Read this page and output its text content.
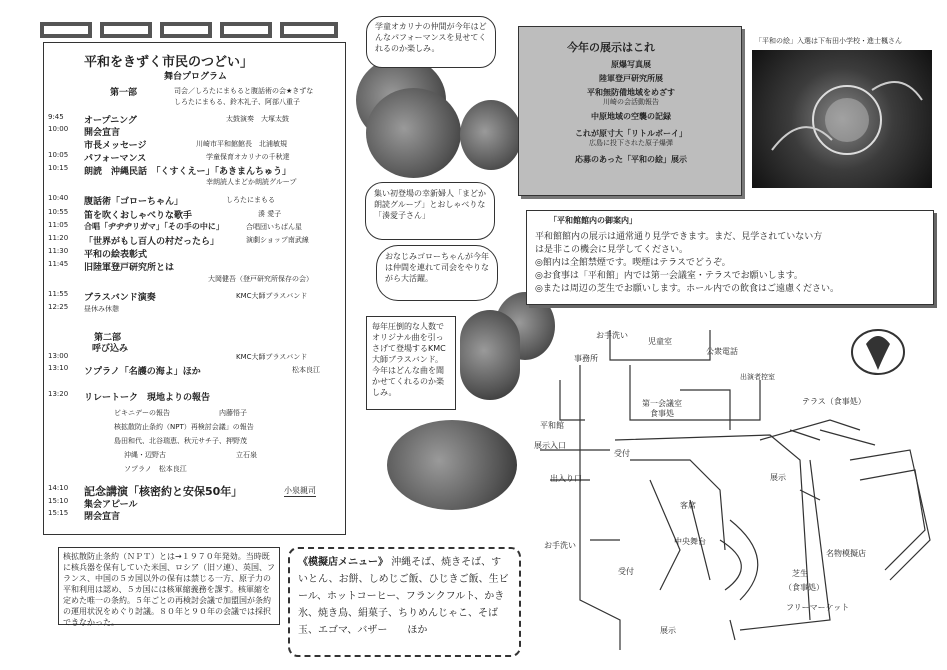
平和をきずく市民のつどい」
舞台プログラム
第一部	司会／しろたにまもると腹話術の会★きずな
しろたにまもる、鈴木礼子、阿部八重子
9:45 オープニング	太鼓演奏　大塚太鼓
10:00 開会宣言
市長メッセージ	川崎市平和館館長　北浦敏規
10:05 パフォーマンス	学童保育オカリナの千秋達
10:15 朗読　沖縄民話　「くすくえー」「あきまんちゅう」
幸朗読人まどか朗読グループ
10:40 腹話術「ゴローちゃん」	しろたにまもる
10:55 笛を吹くおしゃべりな歌手	湊 愛子
11:05 合唱「ヂヂヂリガマ」「その手の中に」	合唱団いちばん星
11:20 「世界がもし百人の村だったら」	演劇ショップ南武線
11:30 平和の絵表彰式
11:45 旧陸軍登戸研究所とは
大岡健吾（登戸研究所保存の会）
11:55 ブラスバンド演奏	KMC大師ブラスバンド
12:25 昼休み休憩
第二部
呼び込み
13:00	KMC大師ブラスバンド
13:10 ソプラノ「名護の海よ」ほか	松本良江
13:20 リレートーク　現地よりの報告
ビキニデーの報告　　　　　　　内藤悟子
核拡散防止条約（NPT）再検討会議」の報告
島田和代、北谷瑞恵、秋元サチ子、押野茂
沖縄・辺野古　　　　　　　　　　立石泉
ソプラノ　松本良江
14:10 記念講演「核密約と安保50年」	小泉親司
15:10 集会アピール
15:15 閉会宣言
核拡散防止条約（ＮＰＴ）とは→１９７０年発効。当時既に核兵器を保有していた米国、ロシア（旧ソ連）、英国、フランス、中国の５カ国以外の保有は禁じる一方、原子力の平和利用は認め、５カ国には核軍縮義務を課す。核軍縮を定めた唯一の条約。５年ごとの再検討会議で加盟国が条約の運用状況をめぐり討議。８０年と９０年の会議では採択できなかった。
学童オカリナの仲間が今年はどんなパフォーマンスを見せてくれるのか楽しみ。
集い初登場の幸新婦人「まどか朗読グループ」とおしゃべりな「湊愛子さん」
おなじみゴローちゃんが今年は仲間を連れて司会をやりながら大活躍。
毎年圧倒的な人数でオリジナル曲を引っさげて登場するKMC大師ブラスバンド。今年はどんな曲を聞かせてくれるのか楽しみ。
今年の展示はこれ
原爆写真展
陸軍登戸研究所展
平和無防備地域をめざす
川崎の会活動報告
中原地域の空襲の記録
これが原寸大「リトルボーイ」
広島に投下された原子爆弾
応募のあった「平和の絵」展示
「平和の絵」入選は下布田小学校・進士楓さん
「平和館館内の御案内」
平和館館内の展示は通常通り見学できます。まだ、見学されていない方
は是非この機会に見学してください。
◎館内は全館禁煙です。喫煙はテラスでどうぞ。
◎お食事は「平和館」内では第一会議室・テラスでお願いします。
◎または周辺の芝生でお願いします。ホール内での飲食はご遠慮ください。
《模擬店メニュー》 沖縄そば、焼きそば、すいとん、お餅、しめじご飯、ひじきご飯、生ビール、ホットコーヒー、フランクフルト、かき氷、焼き鳥、絹菓子、ちりめんじゃこ、そば玉、エゴマ、バザー　　ほか
お手洗い
児童室
公衆電話
事務所
出演者控室
テラス（食事処）
第一会議室
食事処
平和館
展示入口
受付
出入り口	展示
客席
中央舞台
お手洗い
受付
名物模擬店
芝生
（食事処）
フリーマーケット
展示
